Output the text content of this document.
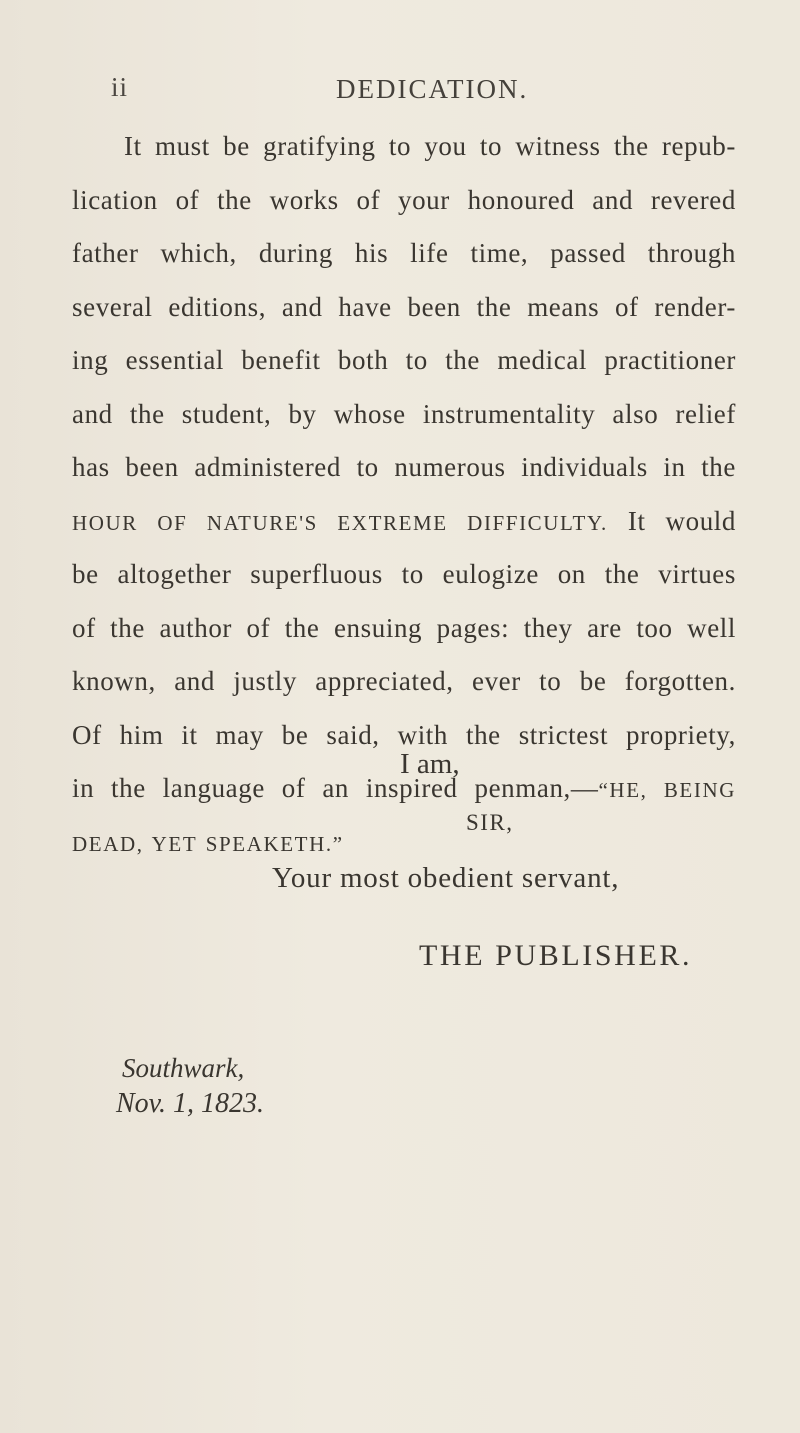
ii	DEDICATION.
It must be gratifying to you to witness the repub-
lication of the works of your honoured and revered
father which, during his life time, passed through
several editions, and have been the means of render-
ing essential benefit both to the medical practitioner
and the student, by whose instrumentality also relief
has been administered to numerous individuals in the
HOUR OF NATURE'S EXTREME DIFFICULTY. It would
be altogether superfluous to eulogize on the virtues
of the author of the ensuing pages: they are too well
known, and justly appreciated, ever to be forgotten.
Of him it may be said, with the strictest propriety,
in the language of an inspired penman,—“HE, BEING
DEAD, YET SPEAKETH.”
I am,
SIR,
Your most obedient servant,
THE PUBLISHER.
Southwark,
Nov. 1, 1823.
